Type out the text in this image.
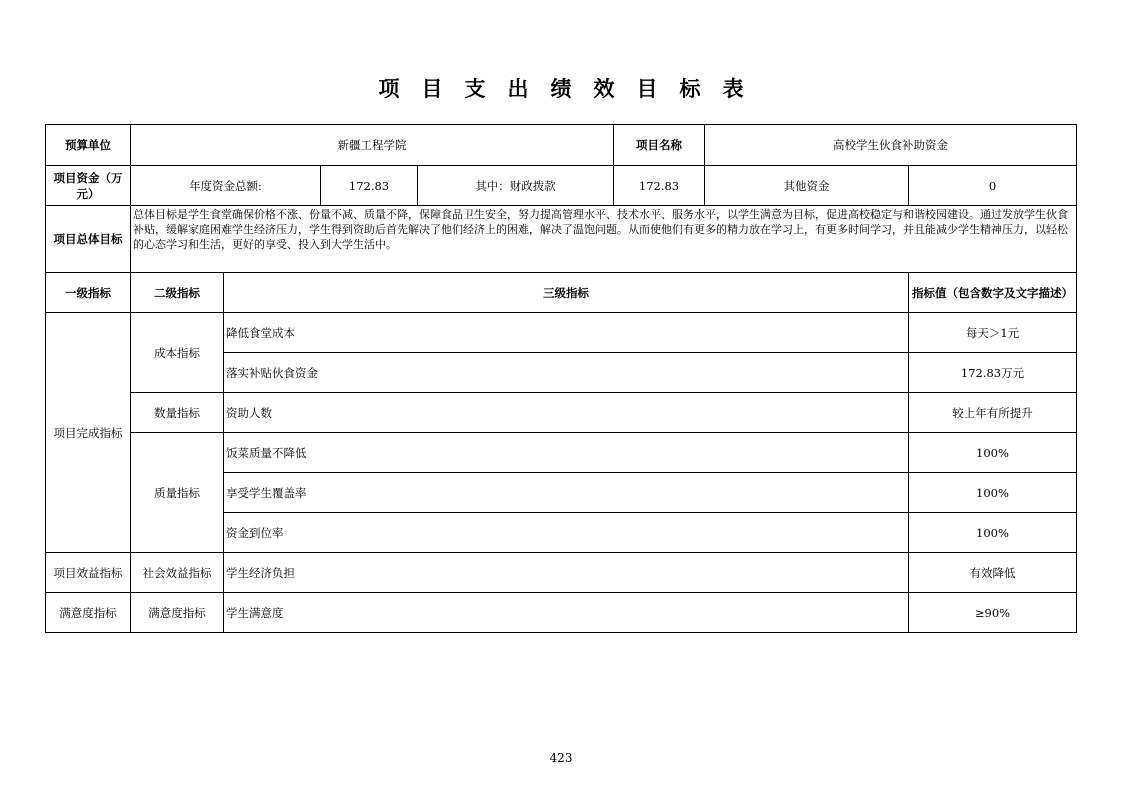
项目支出绩效目标表
预算单位	新疆工程学院				项目名称	高校学生伙食补助资金	
项目资金（万元）	年度资金总额:		172.83	其中：财政拨款	172.83	其他资金	0
项目总体目标	总体目标是学生食堂确保价格不涨、份量不减、质量不降，保障食品卫生安全，努力提高管理水平、技术水平、服务水平，以学生满意为目标，促进高校稳定与和谐校园建设。通过发放学生伙食补贴，缓解家庭困难学生经济压力，学生得到资助后首先解决了他们经济上的困难，解决了温饱问题。从而使他们有更多的精力放在学习上，有更多时间学习，并且能减少学生精神压力，以轻松的心态学习和生活，更好的享受、投入到大学生活中。						
一级指标	二级指标	三级指标					指标值（包含数字及文字描述）
项目完成指标	成本指标	降低食堂成本					每天＞1元
		落实补贴伙食资金					172.83万元
	数量指标	资助人数					较上年有所提升
	质量指标	饭菜质量不降低					100%
		享受学生覆盖率					100%
		资金到位率					100%
项目效益指标	社会效益指标	学生经济负担					有效降低
满意度指标	满意度指标	学生满意度					≥90%
423
